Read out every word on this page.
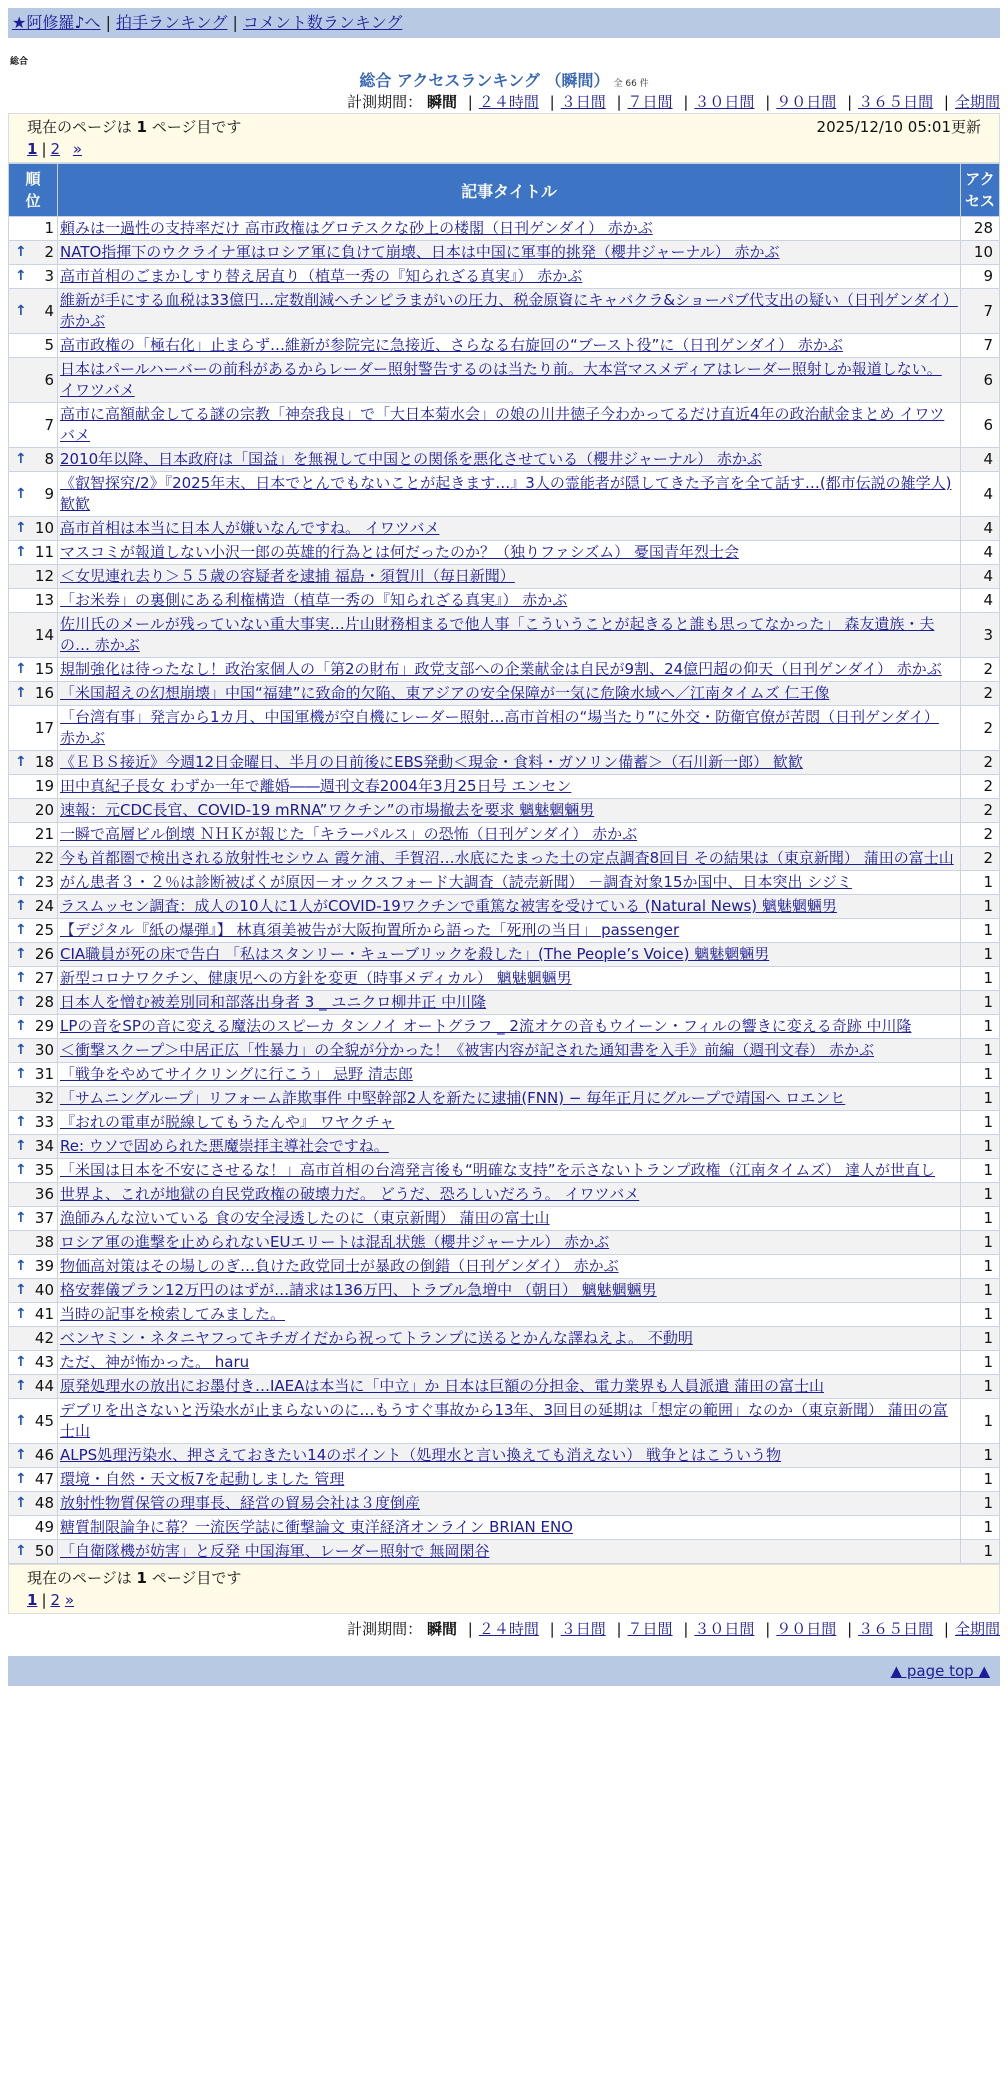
★阿修羅♪へ | 拍手ランキング | コメント数ランキング
総合
総合 アクセスランキング （瞬間） 全 66 件
計測期間： 瞬間 | ２４時間 | ３日間 | ７日間 | ３０日間 | ９０日間 | ３６５日間 | 全期間
現在のページは 1 ページ目です	2025/12/10 05:01更新
1 | 2 »
順位	記事タイトル	アクセス
1	頼みは一過性の支持率だけ 高市政権はグロテスクな砂上の楼閣（日刊ゲンダイ） 赤かぶ	28

↑ 2	NATO指揮下のウクライナ軍はロシア軍に負けて崩壊、日本は中国に軍事的挑発（櫻井ジャーナル） 赤かぶ	10

↑ 3	高市首相のごまかしすり替え居直り（植草一秀の『知られざる真実』） 赤かぶ	9

↑ 4	維新が手にする血税は33億円…定数削減ヘチンピラまがいの圧力、税金原資にキャバクラ&ショーパブ代支出の疑い（日刊ゲンダイ） 赤かぶ	7
5	高市政権の「極右化」止まらず…維新が参院完に急接近、さらなる右旋回の“ブースト役”に（日刊ゲンダイ） 赤かぶ	7
6	日本はパールハーバーの前科があるからレーダー照射警告するのは当たり前。大本営マスメディアはレーダー照射しか報道しない。 イワツバメ	6
7	高市に高額献金してる謎の宗教「神奈我良」で「大日本菊水会」の娘の川井徳子今わかってるだけ直近4年の政治献金まとめ イワツバメ	6

↑ 8	2010年以降、日本政府は「国益」を無視して中国との関係を悪化させている（櫻井ジャーナル） 赤かぶ	4

↑ 9	《叡智探究/2》『2025年末、日本でとんでもないことが起きます…』3人の霊能者が隠してきた予言を全て話す…(都市伝説の雑学人) 歓歓	4

↑ 10	高市首相は本当に日本人が嫌いなんですね。 イワツバメ	4

↑ 11	マスコミが報道しない小沢一郎の英雄的行為とは何だったのか？（独りファシズム） 憂国青年烈士会	4
12	＜女児連れ去り＞５５歳の容疑者を逮捕 福島・須賀川（毎日新聞）	4
13	「お米券」の裏側にある利権構造（植草一秀の『知られざる真実』） 赤かぶ	4
14	佐川氏のメールが残っていない重大事実…片山財務相まるで他人事「こういうことが起きると誰も思ってなかった」 森友遺族・夫の… 赤かぶ	3

↑ 15	規制強化は待ったなし！政治家個人の「第2の財布」政党支部への企業献金は自民が9割、24億円超の仰天（日刊ゲンダイ） 赤かぶ	2

↑ 16	「米国超えの幻想崩壊」中国“福建”に致命的欠陥、東アジアの安全保障が一気に危険水域へ／江南タイムズ 仁王像	2
17	「台湾有事」発言から1カ月、中国軍機が空自機にレーダー照射…高市首相の“場当たり”に外交・防衛官僚が苦悶（日刊ゲンダイ） 赤かぶ	2

↑ 18	《ＥＢＳ接近》今週12日金曜日、半月の日前後にEBS発動＜現金・食料・ガソリン備蓄＞（石川新一郎） 歓歓	2
19	田中真紀子長女 わずか一年で離婚――週刊文春2004年3月25日号 エンセン	2
20	速報：元CDC長官、COVID-19 mRNA”ワクチン”の市場撤去を要求 魑魅魍魎男	2
21	一瞬で高層ビル倒壊 ＮＨＫが報じた「キラーパルス」の恐怖（日刊ゲンダイ） 赤かぶ	2
22	今も首都圏で検出される放射性セシウム 霞ケ浦、手賀沼…水底にたまった土の定点調査8回目 その結果は（東京新聞） 蒲田の富士山	2

↑ 23	がん患者３・２％は診断被ばくが原因－オックスフォード大調査（読売新聞） －調査対象15か国中、日本突出 シジミ	1

↑ 24	ラスムッセン調査：成人の10人に1人がCOVID-19ワクチンで重篤な被害を受けている (Natural News) 魑魅魍魎男	1

↑ 25	【デジタル『紙の爆弾』】 林真須美被告が大阪拘置所から語った「死刑の当日」 passenger	1

↑ 26	CIA職員が死の床で告白 「私はスタンリー・キューブリックを殺した」(The People’s Voice) 魑魅魍魎男	1

↑ 27	新型コロナワクチン、健康児への方針を変更（時事メディカル） 魑魅魍魎男	1

↑ 28	日本人を憎む被差別同和部落出身者 3 _ ユニクロ柳井正 中川隆	1

↑ 29	LPの音をSPの音に変える魔法のスピーカ タンノイ オートグラフ _ 2流オケの音もウイーン・フィルの響きに変える奇跡 中川隆	1

↑ 30	＜衝撃スクープ＞中居正広「性暴力」の全貌が分かった！《被害内容が記された通知書を入手》前編（週刊文春） 赤かぶ	1

↑ 31	「戦争をやめてサイクリングに行こう」 忌野 清志郎	1
32	「サムニングループ」リフォーム詐欺事件 中堅幹部2人を新たに逮捕(FNN) − 毎年正月にグループで靖国へ ロエンヒ	1

↑ 33	『おれの電車が脱線してもうたんや』 ワヤクチャ	1

↑ 34	Re: ウソで固められた悪魔崇拝主導社会ですね。	1

↑ 35	「米国は日本を不安にさせるな！」高市首相の台湾発言後も“明確な支持”を示さないトランプ政権（江南タイムズ） 達人が世直し	1
36	世界よ、これが地獄の自民党政権の破壊力だ。 どうだ、恐ろしいだろう。 イワツバメ	1

↑ 37	漁師みんな泣いている 食の安全浸透したのに（東京新聞） 蒲田の富士山	1
38	ロシア軍の進撃を止められないEUエリートは混乱状態（櫻井ジャーナル） 赤かぶ	1

↑ 39	物価高対策はその場しのぎ…負けた政党同士が暴政の倒錯（日刊ゲンダイ） 赤かぶ	1

↑ 40	格安葬儀プラン12万円のはずが…請求は136万円、トラブル急増中 （朝日） 魑魅魍魎男	1

↑ 41	当時の記事を検索してみました。	1
42	ベンヤミン・ネタニヤフってキチガイだから祝ってトランプに送るとかんな譯ねえよ。 不動明	1

↑ 43	ただ、神が怖かった。 haru	1

↑ 44	原発処理水の放出にお墨付き…IAEAは本当に「中立」か 日本は巨額の分担金、電力業界も人員派遣 蒲田の富士山	1

↑ 45	デブリを出さないと汚染水が止まらないのに…もうすぐ事故から13年、3回目の延期は「想定の範囲」なのか（東京新聞） 蒲田の富士山	1

↑ 46	ALPS処理汚染水、押さえておきたい14のポイント（処理水と言い換えても消えない） 戦争とはこういう物	1

↑ 47	環境・自然・天文板7を起動しました 管理	1

↑ 48	放射性物質保管の理事長、経営の貿易会社は３度倒産	1
49	糖質制限論争に幕？一流医学誌に衝撃論文 東洋経済オンライン BRIAN ENO	1

↑ 50	「自衛隊機が妨害」と反発 中国海軍、レーダー照射で 無岡閑谷	1
現在のページは 1 ページ目です
1 | 2 »
計測期間： 瞬間 | ２４時間 | ３日間 | ７日間 | ３０日間 | ９０日間 | ３６５日間 | 全期間
▲ page top ▲
